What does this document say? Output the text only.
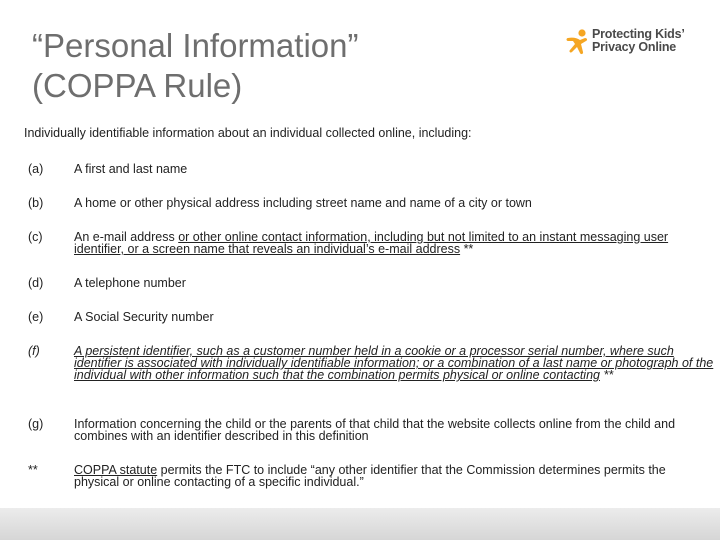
“Personal Information”
(COPPA Rule)
Protecting Kids’
Privacy Online

Individually identifiable information about an individual collected online, including:

(a)	A first and last name
(b)	A home or other physical address including street name and name of a city or town
(c)	An e-mail address or other online contact information, including but not limited to an instant messaging user identifier, or a screen name that reveals an individual’s e-mail address **
(d)	A telephone number
(e)	A Social Security number
(f)	A persistent identifier, such as a customer number held in a cookie or a processor serial number, where such identifier is associated with individually identifiable information; or a combination of a last name or photograph of the individual with other information such that the combination permits physical or online contacting **
(g)	Information concerning the child or the parents of that child that the website collects online from the child and combines with an identifier described in this definition
**	COPPA statute permits the FTC to include “any other identifier that the Commission determines permits the physical or online contacting of a specific individual.”
